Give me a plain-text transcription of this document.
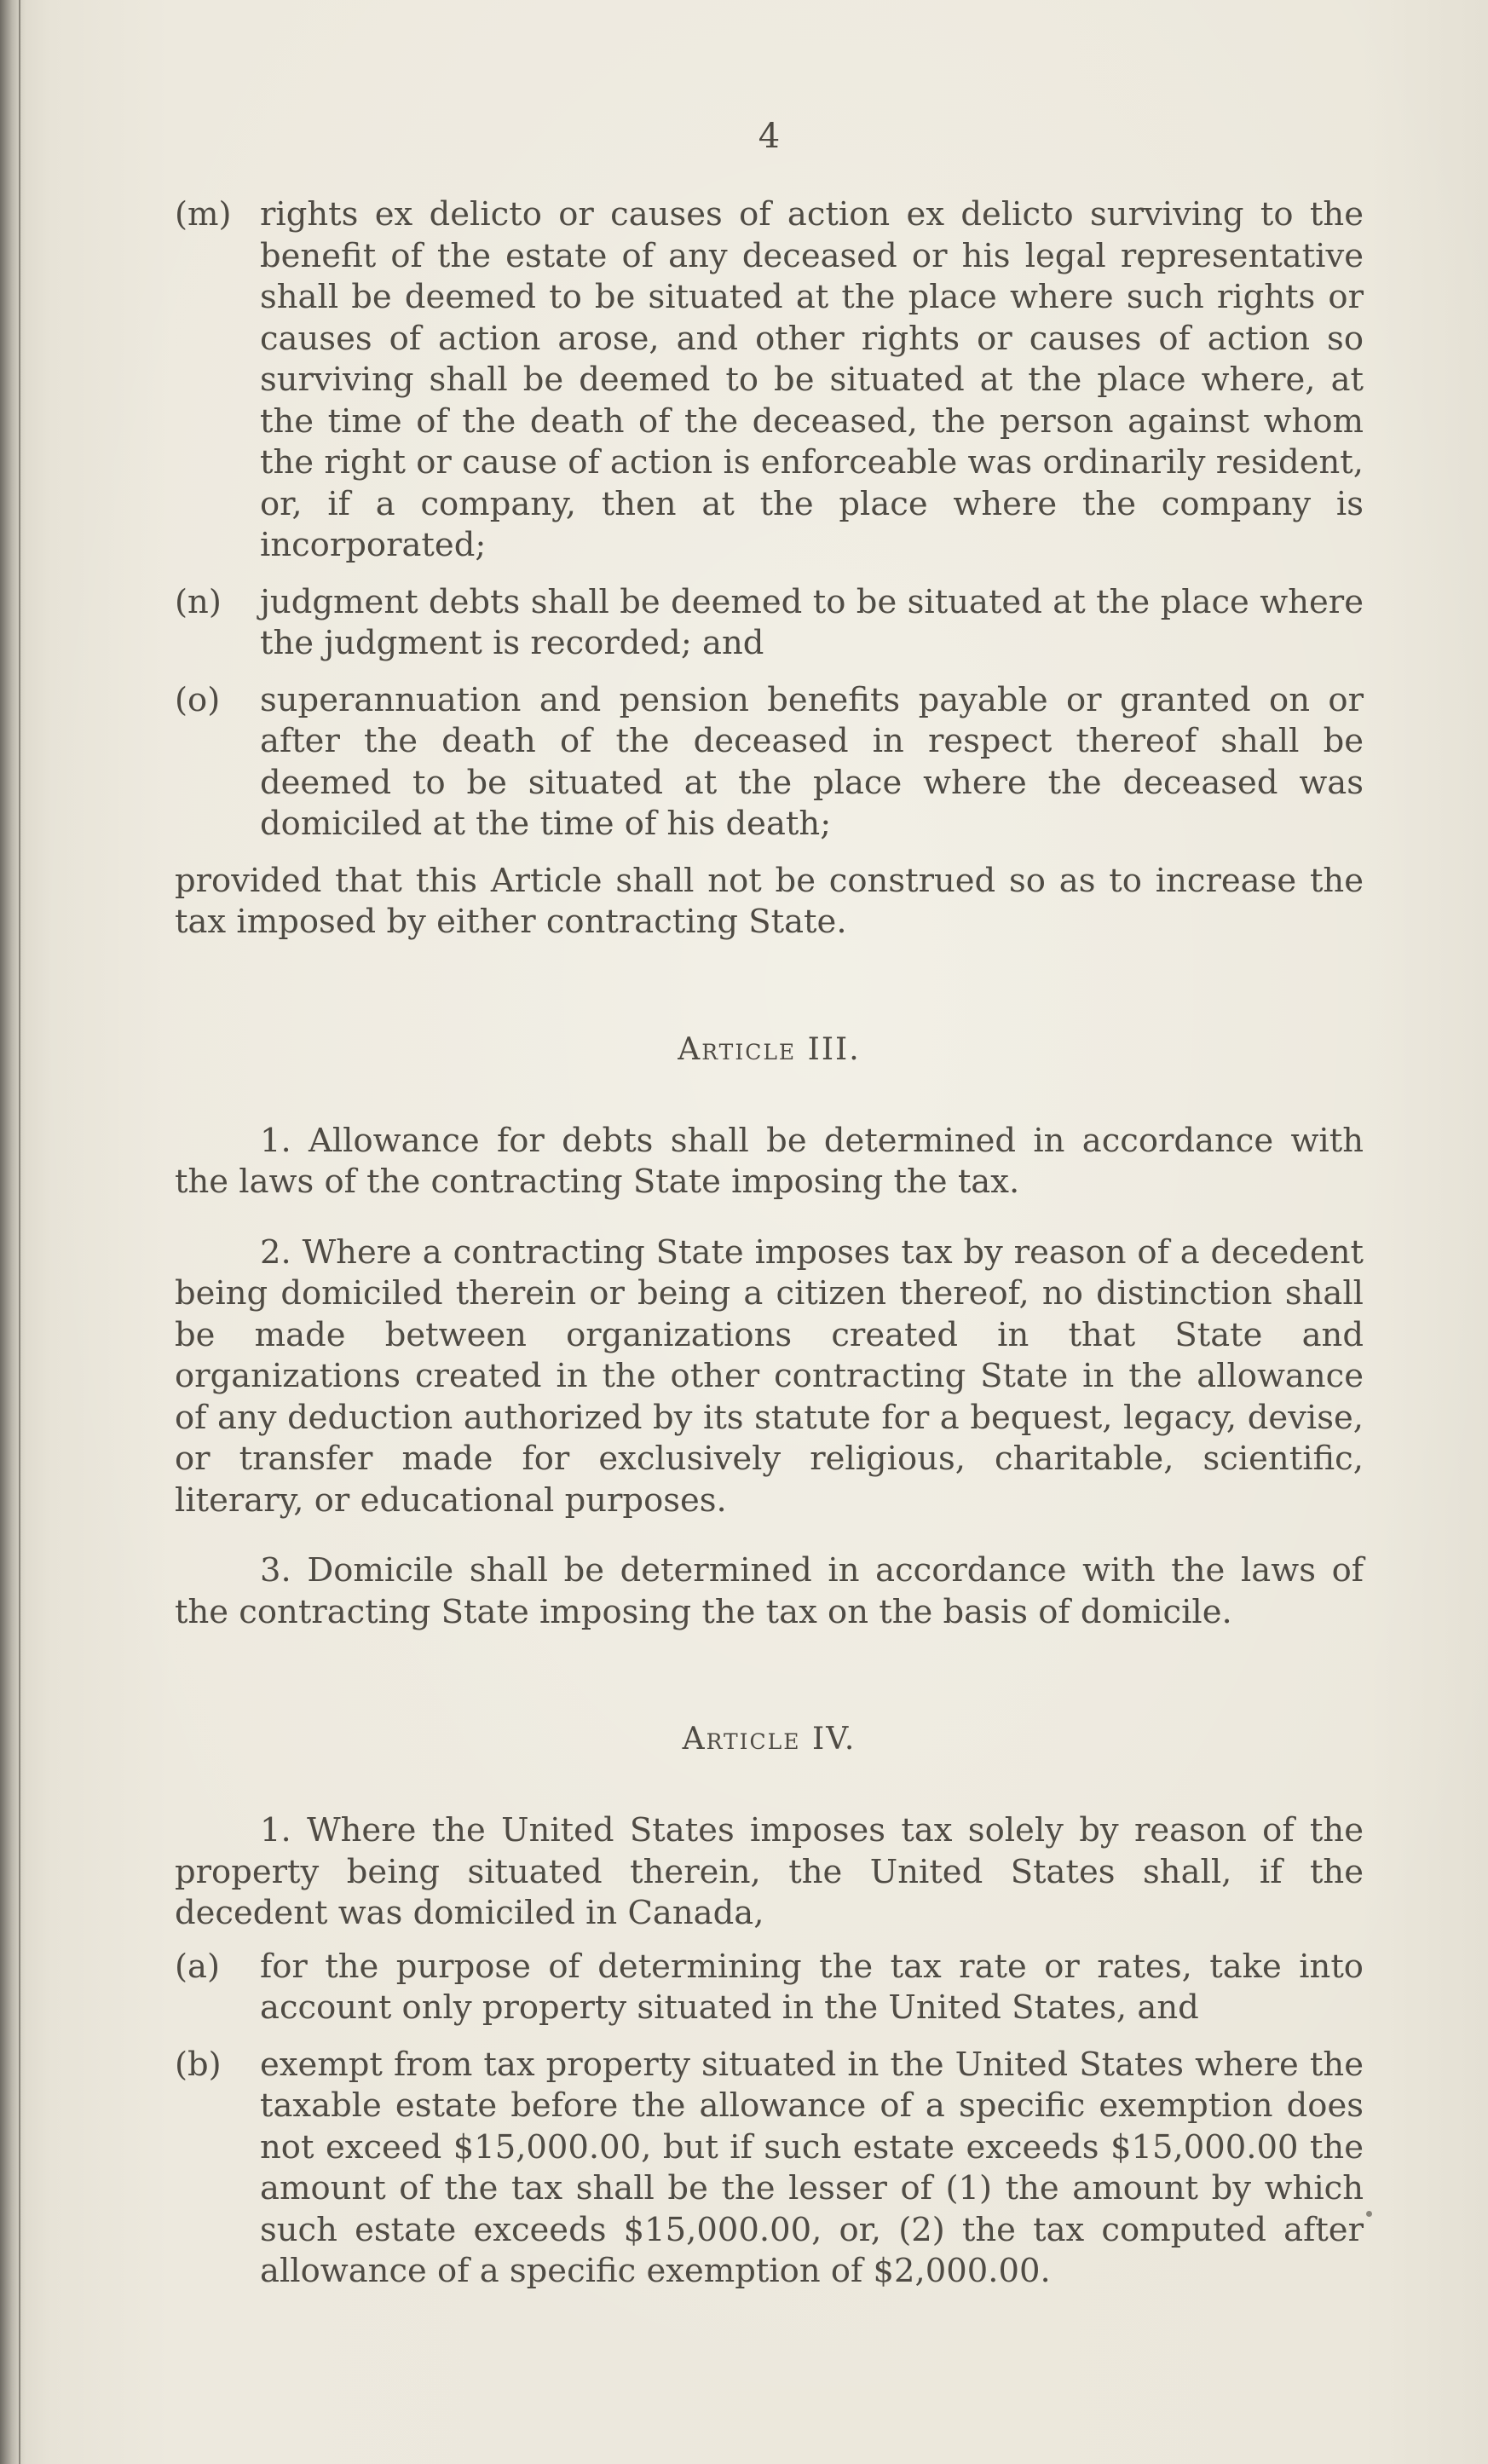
4
(m) rights ex delicto or causes of action ex delicto surviving to the benefit of the estate of any deceased or his legal representative shall be deemed to be situated at the place where such rights or causes of action arose, and other rights or causes of action so surviving shall be deemed to be situated at the place where, at the time of the death of the deceased, the person against whom the right or cause of action is enforceable was ordinarily resident, or, if a company, then at the place where the company is incorporated;
(n) judgment debts shall be deemed to be situated at the place where the judgment is recorded; and
(o) superannuation and pension benefits payable or granted on or after the death of the deceased in respect thereof shall be deemed to be situated at the place where the deceased was domiciled at the time of his death;
provided that this Article shall not be construed so as to increase the tax imposed by either contracting State.
Article III.
1. Allowance for debts shall be determined in accordance with the laws of the contracting State imposing the tax.
2. Where a contracting State imposes tax by reason of a decedent being domiciled therein or being a citizen thereof, no distinction shall be made between organizations created in that State and organizations created in the other contracting State in the allowance of any deduction authorized by its statute for a bequest, legacy, devise, or transfer made for exclusively religious, charitable, scientific, literary, or educational purposes.
3. Domicile shall be determined in accordance with the laws of the contracting State imposing the tax on the basis of domicile.
Article IV.
1. Where the United States imposes tax solely by reason of the property being situated therein, the United States shall, if the decedent was domiciled in Canada,
(a) for the purpose of determining the tax rate or rates, take into account only property situated in the United States, and
(b) exempt from tax property situated in the United States where the taxable estate before the allowance of a specific exemption does not exceed $15,000.00, but if such estate exceeds $15,000.00 the amount of the tax shall be the lesser of (1) the amount by which such estate exceeds $15,000.00, or, (2) the tax computed after allowance of a specific exemption of $2,000.00.
